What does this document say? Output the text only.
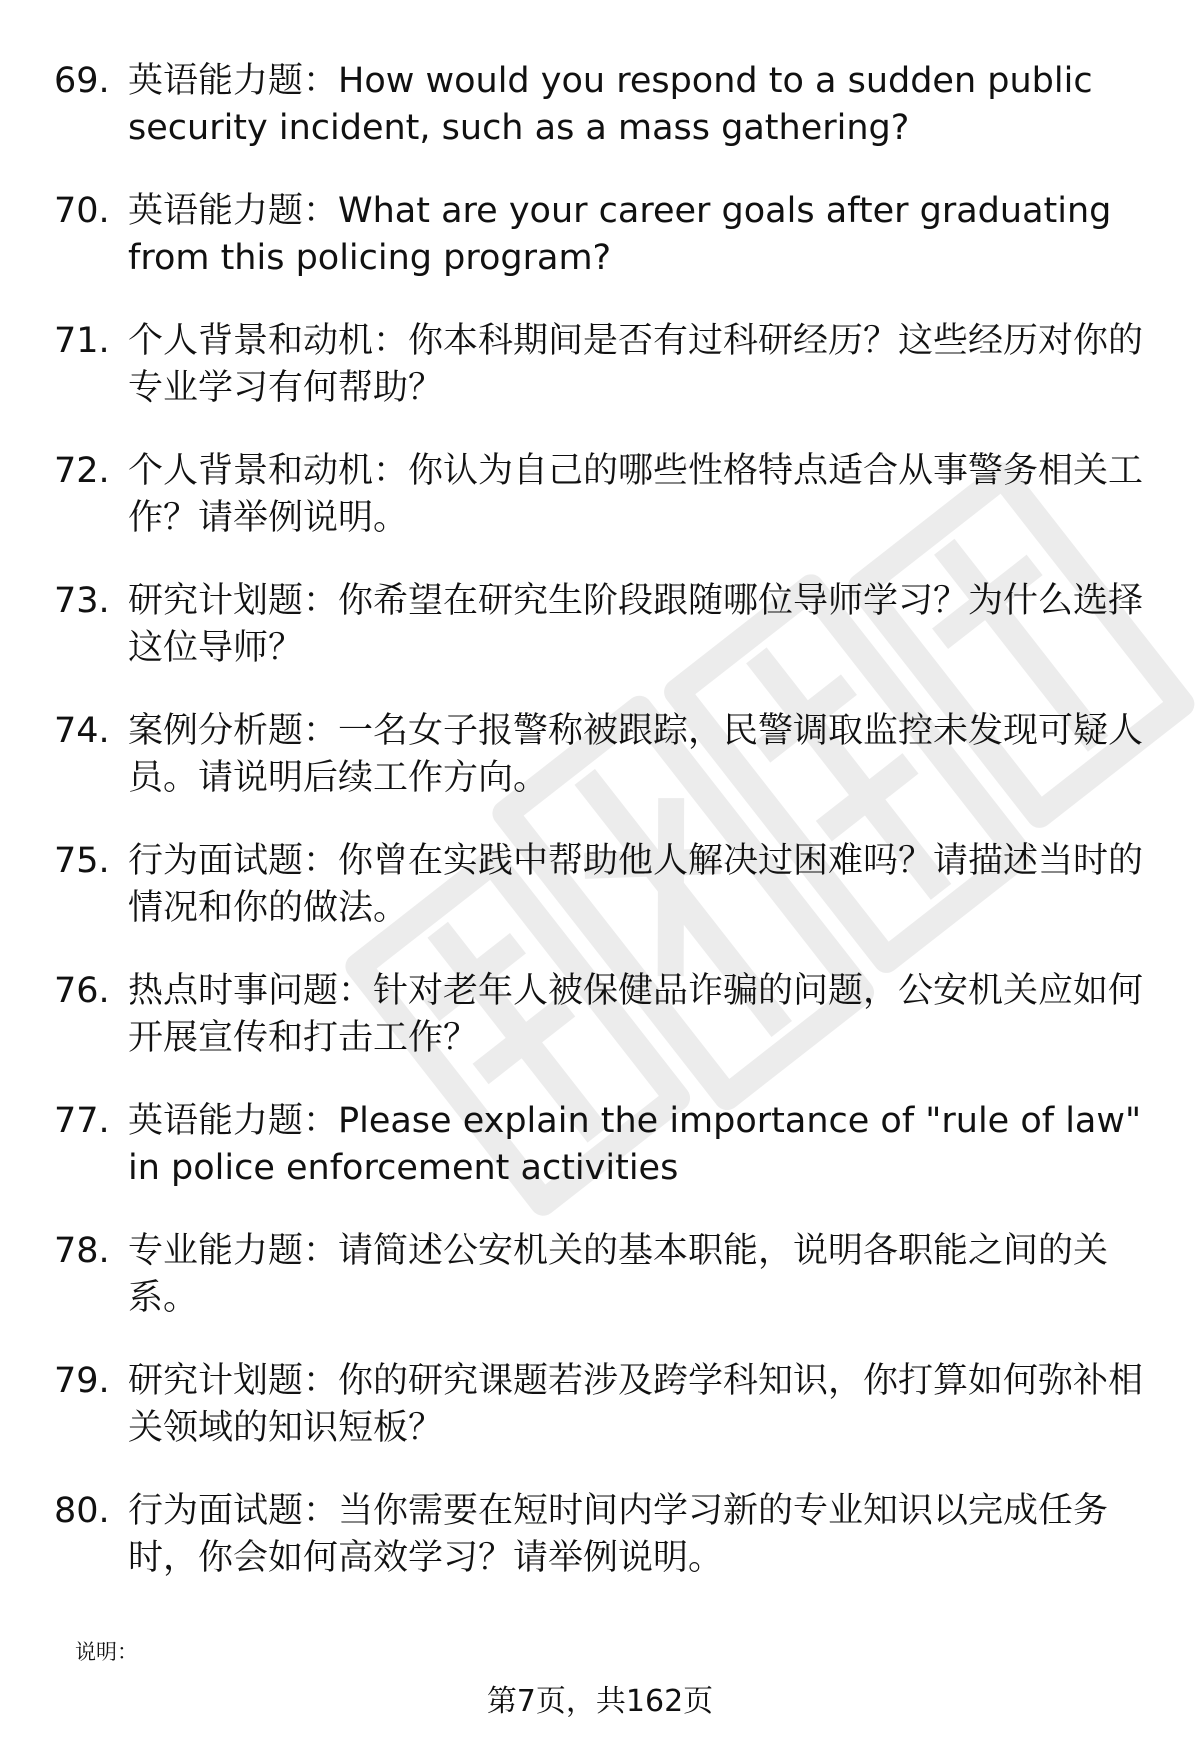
69. 英语能力题：How would you respond to a sudden public security incident, such as a mass gathering?
70. 英语能力题：What are your career goals after graduating from this policing program?
71. 个人背景和动机：你本科期间是否有过科研经历？这些经历对你的专业学习有何帮助？
72. 个人背景和动机：你认为自己的哪些性格特点适合从事警务相关工作？请举例说明。
73. 研究计划题：你希望在研究生阶段跟随哪位导师学习？为什么选择这位导师？
74. 案例分析题：一名女子报警称被跟踪，民警调取监控未发现可疑人员。请说明后续工作方向。
75. 行为面试题：你曾在实践中帮助他人解决过困难吗？请描述当时的情况和你的做法。
76. 热点时事问题：针对老年人被保健品诈骗的问题，公安机关应如何开展宣传和打击工作？
77. 英语能力题：Please explain the importance of "rule of law" in police enforcement activities
78. 专业能力题：请简述公安机关的基本职能，说明各职能之间的关系。
79. 研究计划题：你的研究课题若涉及跨学科知识，你打算如何弥补相关领域的知识短板？
80. 行为面试题：当你需要在短时间内学习新的专业知识以完成任务时，你会如何高效学习？请举例说明。
说明：
第7页，共162页
